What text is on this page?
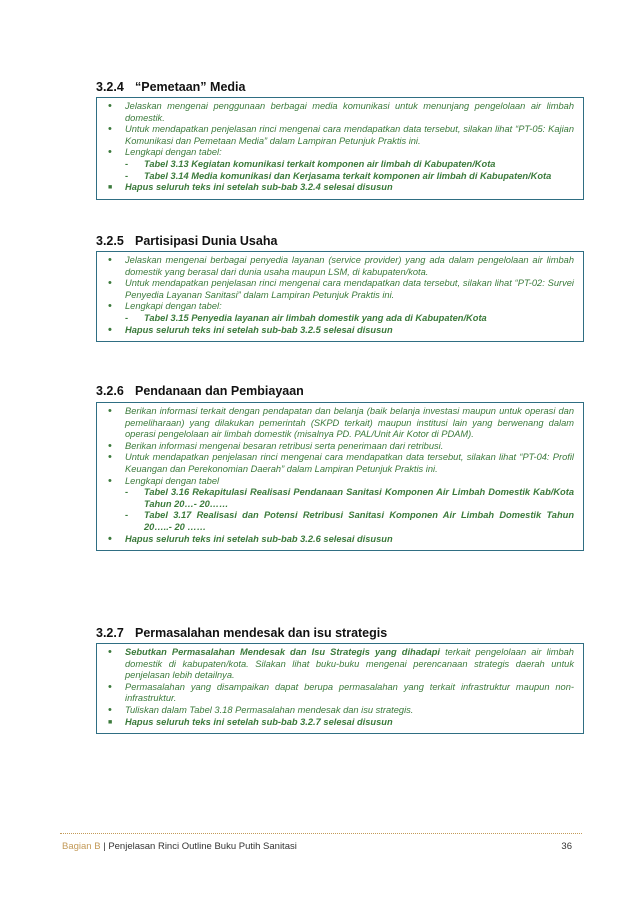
3.2.4 “Pemetaan” Media
• Jelaskan mengenai penggunaan berbagai media komunikasi untuk menunjang pengelolaan air limbah domestik.
• Untuk mendapatkan penjelasan rinci mengenai cara mendapatkan data tersebut, silakan lihat “PT-05: Kajian Komunikasi dan Pemetaan Media” dalam Lampiran Petunjuk Praktis ini.
• Lengkapi dengan tabel:
- Tabel 3.13 Kegiatan komunikasi terkait komponen air limbah di Kabupaten/Kota
- Tabel 3.14 Media komunikasi dan Kerjasama terkait komponen air limbah di Kabupaten/Kota
■ Hapus seluruh teks ini setelah sub-bab 3.2.4 selesai disusun
3.2.5 Partisipasi Dunia Usaha
• Jelaskan mengenai berbagai penyedia layanan (service provider) yang ada dalam pengelolaan air limbah domestik yang berasal dari dunia usaha maupun LSM, di kabupaten/kota.
• Untuk mendapatkan penjelasan rinci mengenai cara mendapatkan data tersebut, silakan lihat “PT-02: Survei Penyedia Layanan Sanitasi” dalam Lampiran Petunjuk Praktis ini.
• Lengkapi dengan tabel:
- Tabel 3.15 Penyedia layanan air limbah domestik yang ada di Kabupaten/Kota
• Hapus seluruh teks ini setelah sub-bab 3.2.5 selesai disusun
3.2.6 Pendanaan dan Pembiayaan
• Berikan informasi terkait dengan pendapatan dan belanja (baik belanja investasi maupun untuk operasi dan pemeliharaan) yang dilakukan pemerintah (SKPD terkait) maupun institusi lain yang berwenang dalam operasi pengelolaan air limbah domestik (misalnya PD. PAL/Unit Air Kotor di PDAM).
• Berikan informasi mengenai besaran retribusi serta penerimaan dari retribusi.
• Untuk mendapatkan penjelasan rinci mengenai cara mendapatkan data tersebut, silakan lihat “PT-04: Profil Keuangan dan Perekonomian Daerah” dalam Lampiran Petunjuk Praktis ini.
• Lengkapi dengan tabel
- Tabel 3.16 Rekapitulasi Realisasi Pendanaan Sanitasi Komponen Air Limbah Domestik Kab/Kota Tahun 20…- 20……
- Tabel 3.17 Realisasi dan Potensi Retribusi Sanitasi Komponen Air Limbah Domestik Tahun 20…..- 20 ……
• Hapus seluruh teks ini setelah sub-bab 3.2.6 selesai disusun
3.2.7 Permasalahan mendesak dan isu strategis
• Sebutkan Permasalahan Mendesak dan Isu Strategis yang dihadapi terkait pengelolaan air limbah domestik di kabupaten/kota. Silakan lihat buku-buku mengenai perencanaan strategis daerah untuk penjelasan lebih detailnya.
• Permasalahan yang disampaikan dapat berupa permasalahan yang terkait infrastruktur maupun non-infrastruktur.
• Tuliskan dalam Tabel 3.18 Permasalahan mendesak dan isu strategis.
■ Hapus seluruh teks ini setelah sub-bab 3.2.7 selesai disusun
Bagian B | Penjelasan Rinci Outline Buku Putih Sanitasi	36
